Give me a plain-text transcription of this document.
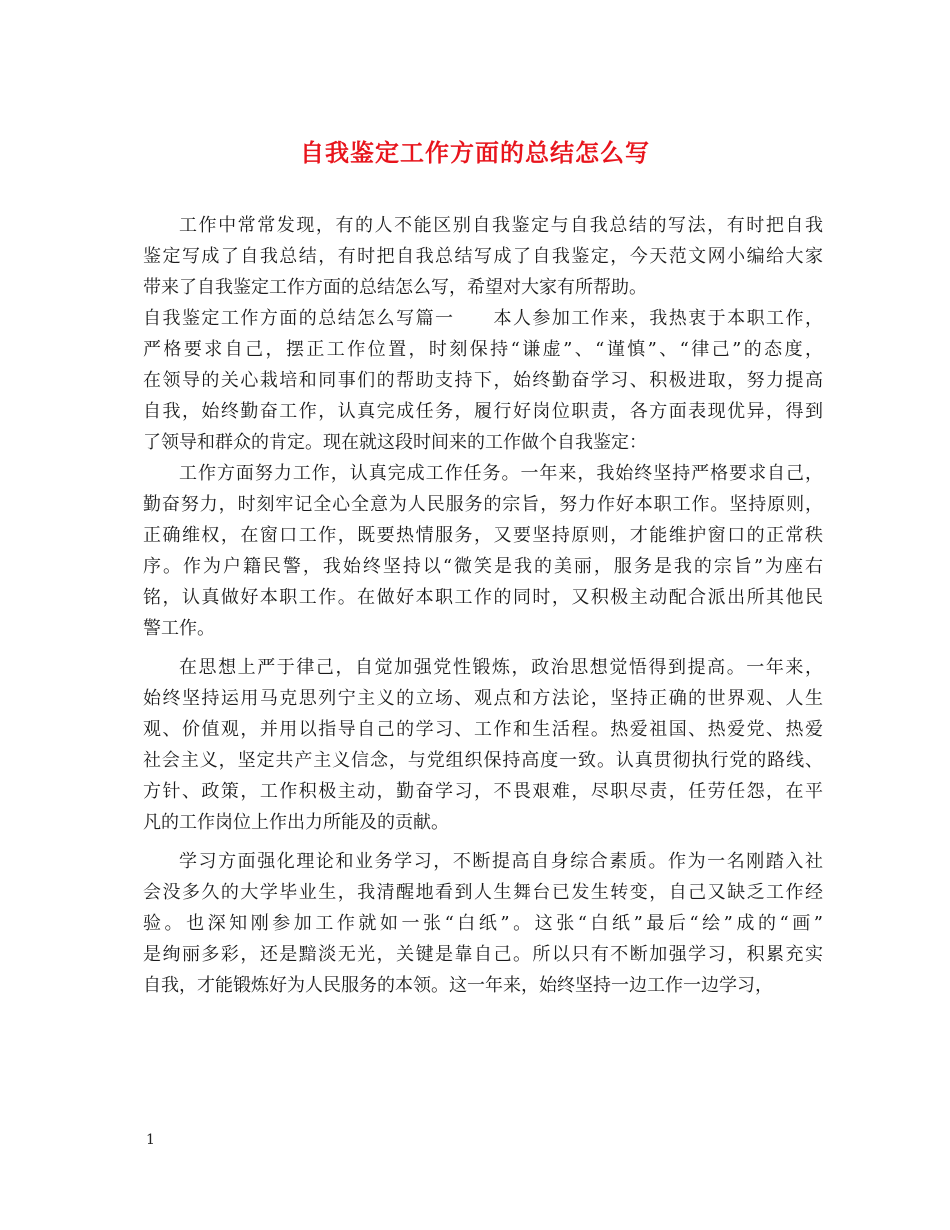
自我鉴定工作方面的总结怎么写
工作中常常发现，有的人不能区别自我鉴定与自我总结的写法，有时把自我
鉴定写成了自我总结，有时把自我总结写成了自我鉴定，今天范文网小编给大家
带来了自我鉴定工作方面的总结怎么写，希望对大家有所帮助。
自我鉴定工作方面的总结怎么写篇一　　本人参加工作来，我热衷于本职工作，
严格要求自己，摆正工作位置，时刻保持“谦虚”、“谨慎”、“律己”的态度，
在领导的关心栽培和同事们的帮助支持下，始终勤奋学习、积极进取，努力提高
自我，始终勤奋工作，认真完成任务，履行好岗位职责，各方面表现优异，得到
了领导和群众的肯定。现在就这段时间来的工作做个自我鉴定：
工作方面努力工作，认真完成工作任务。一年来，我始终坚持严格要求自己，
勤奋努力，时刻牢记全心全意为人民服务的宗旨，努力作好本职工作。坚持原则，
正确维权，在窗口工作，既要热情服务，又要坚持原则，才能维护窗口的正常秩
序。作为户籍民警，我始终坚持以“微笑是我的美丽，服务是我的宗旨”为座右
铭，认真做好本职工作。在做好本职工作的同时，又积极主动配合派出所其他民
警工作。
在思想上严于律己，自觉加强党性锻炼，政治思想觉悟得到提高。一年来，
始终坚持运用马克思列宁主义的立场、观点和方法论，坚持正确的世界观、人生
观、价值观，并用以指导自己的学习、工作和生活程。热爱祖国、热爱党、热爱
社会主义，坚定共产主义信念，与党组织保持高度一致。认真贯彻执行党的路线、
方针、政策，工作积极主动，勤奋学习，不畏艰难，尽职尽责，任劳任怨，在平
凡的工作岗位上作出力所能及的贡献。
学习方面强化理论和业务学习，不断提高自身综合素质。作为一名刚踏入社
会没多久的大学毕业生，我清醒地看到人生舞台已发生转变，自己又缺乏工作经
验。也深知刚参加工作就如一张“白纸”。这张“白纸”最后“绘”成的“画”
是绚丽多彩，还是黯淡无光，关键是靠自己。所以只有不断加强学习，积累充实
自我，才能锻炼好为人民服务的本领。这一年来，始终坚持一边工作一边学习，
1
